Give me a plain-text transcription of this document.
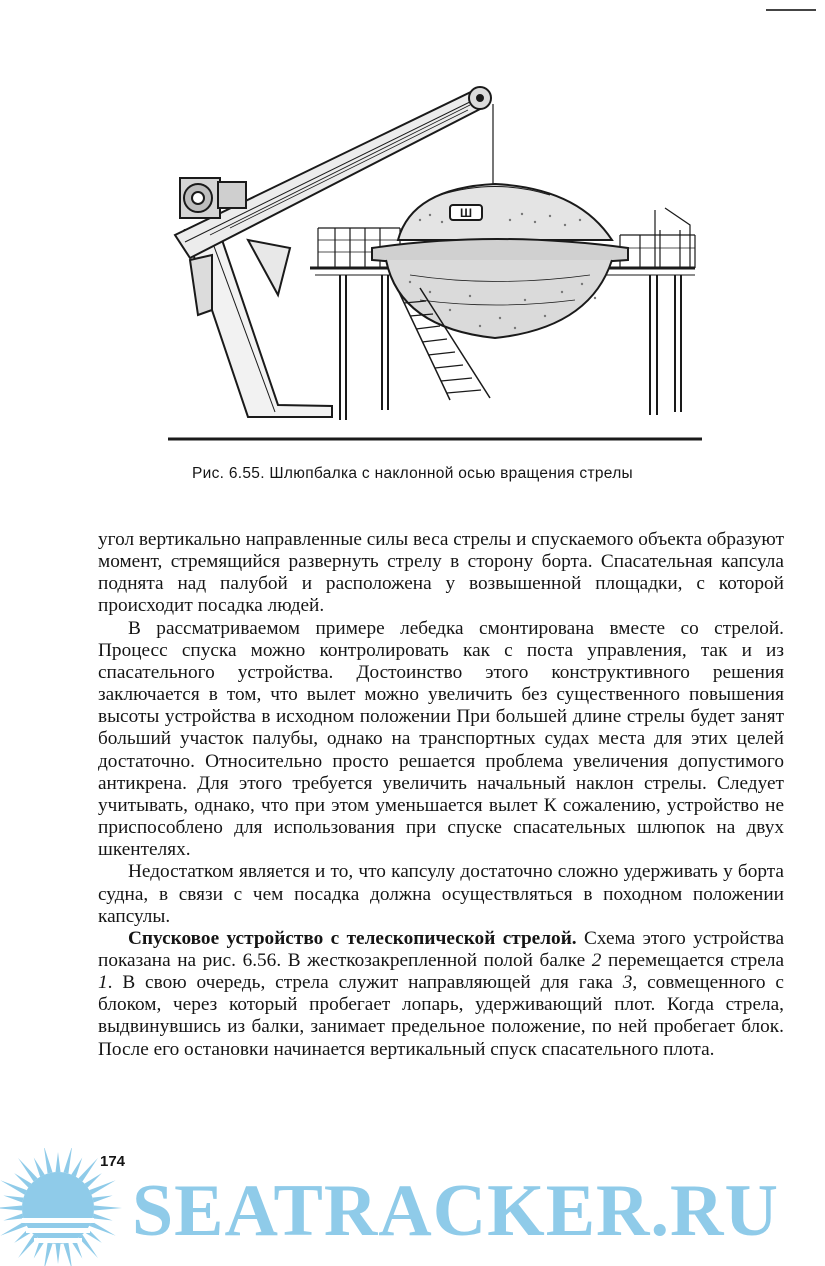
Ш
Рис. 6.55. Шлюпбалка с наклонной осью вращения стрелы

угол вертикально направленные силы веса стрелы и спускаемого объекта образуют момент, стремящийся развернуть стрелу в сторону борта. Спасательная капсула поднята над палубой и расположена у возвышенной площадки, с которой происходит посадка людей.

В рассматриваемом примере лебедка смонтирована вместе со стрелой. Процесс спуска можно контролировать как с поста управления, так и из спасательного устройства. Достоинство этого конструктивного решения заключается в том, что вылет можно увеличить без существенного повышения высоты устройства в исходном положении При большей длине стрелы будет занят больший участок палубы, однако на транспортных судах места для этих целей достаточно. Относительно просто решается проблема увеличения допустимого антикрена. Для этого требуется увеличить начальный наклон стрелы. Следует учитывать, однако, что при этом уменьшается вылет К сожалению, устройство не приспособлено для использования при спуске спасательных шлюпок на двух шкентелях.

Недостатком является и то, что капсулу достаточно сложно удерживать у борта судна, в связи с чем посадка должна осуществляться в походном положении капсулы.

Спусковое устройство с телескопической стрелой. Схема этого устройства показана на рис. 6.56. В жесткозакрепленной полой балке 2 перемещается стрела 1. В свою очередь, стрела служит направляющей для гака 3, совмещенного с блоком, через который пробегает лопарь, удерживающий плот. Когда стрела, выдвинувшись из балки, занимает предельное положение, по ней пробегает блок. После его остановки начинается вертикальный спуск спасательного плота.

174
SEATRACKER.RU
